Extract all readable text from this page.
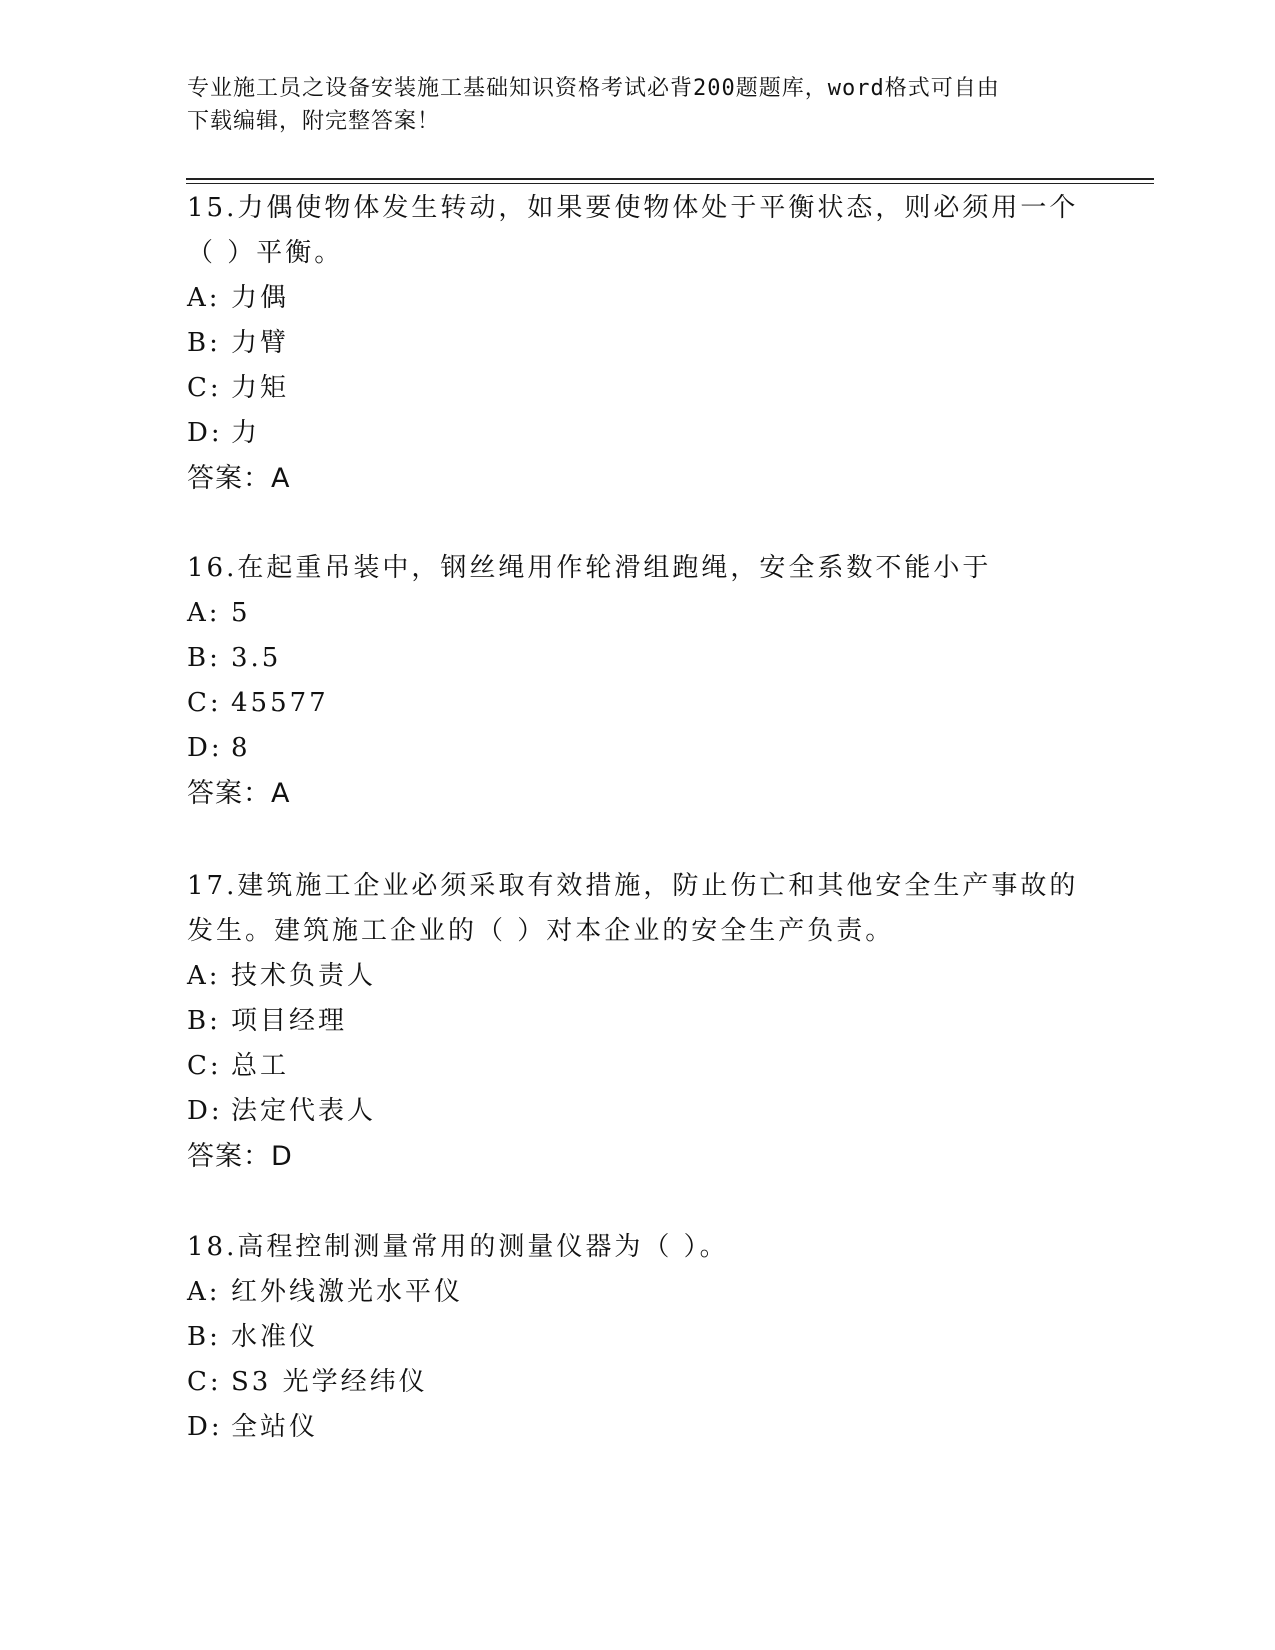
专业施工员之设备安装施工基础知识资格考试必背200题题库，word格式可自由
下载编辑，附完整答案！
15.力偶使物体发生转动，如果要使物体处于平衡状态，则必须用一个
（ ）平衡。
A: 力偶
B: 力臂
C: 力矩
D: 力
答案：A
16.在起重吊装中，钢丝绳用作轮滑组跑绳，安全系数不能小于
A: 5
B: 3.5
C: 45577
D: 8
答案：A
17.建筑施工企业必须采取有效措施，防止伤亡和其他安全生产事故的
发生。建筑施工企业的（ ）对本企业的安全生产负责。
A: 技术负责人
B: 项目经理
C: 总工
D: 法定代表人
答案：D
18.高程控制测量常用的测量仪器为（ ）。
A: 红外线激光水平仪
B: 水准仪
C: S3 光学经纬仪
D: 全站仪
